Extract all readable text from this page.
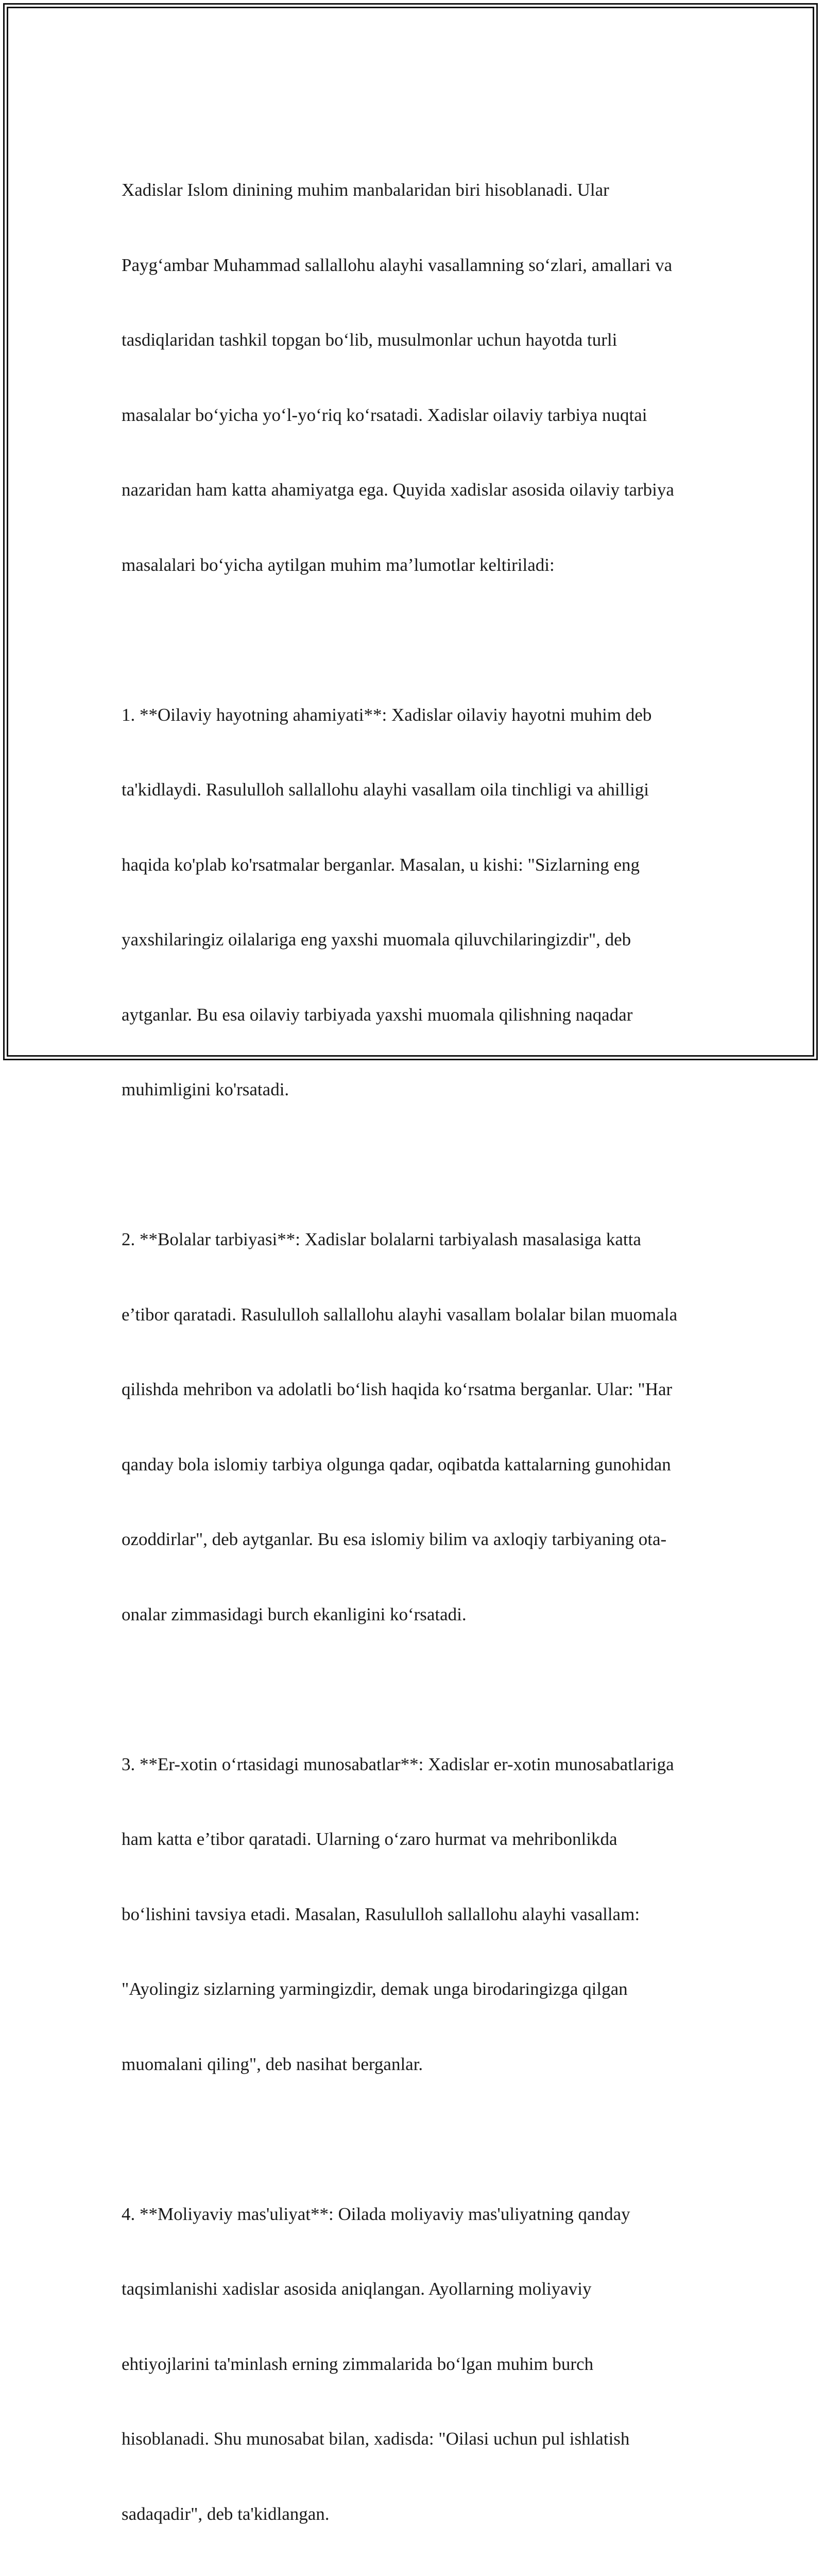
Xadislar Islom dinining muhim manbalaridan biri hisoblanadi. Ular

Payg‘ambar Muhammad sallallohu alayhi vasallamning so‘zlari, amallari va

tasdiqlaridan tashkil topgan bo‘lib, musulmonlar uchun hayotda turli

masalalar bo‘yicha yo‘l-yo‘riq ko‘rsatadi. Xadislar oilaviy tarbiya nuqtai

nazaridan ham katta ahamiyatga ega. Quyida xadislar asosida oilaviy tarbiya

masalalari bo‘yicha aytilgan muhim ma’lumotlar keltiriladi:

1. **Oilaviy hayotning ahamiyati**: Xadislar oilaviy hayotni muhim deb

ta'kidlaydi. Rasululloh sallallohu alayhi vasallam oila tinchligi va ahilligi

haqida ko'plab ko'rsatmalar berganlar. Masalan, u kishi: "Sizlarning eng

yaxshilaringiz oilalariga eng yaxshi muomala qiluvchilaringizdir", deb

aytganlar. Bu esa oilaviy tarbiyada yaxshi muomala qilishning naqadar

muhimligini ko'rsatadi.

2. **Bolalar tarbiyasi**: Xadislar bolalarni tarbiyalash masalasiga katta

e’tibor qaratadi. Rasululloh sallallohu alayhi vasallam bolalar bilan muomala

qilishda mehribon va adolatli bo‘lish haqida ko‘rsatma berganlar. Ular: "Har

qanday bola islomiy tarbiya olgunga qadar, oqibatda kattalarning gunohidan

ozoddirlar", deb aytganlar. Bu esa islomiy bilim va axloqiy tarbiyaning ota-

onalar zimmasidagi burch ekanligini ko‘rsatadi.

3. **Er-xotin o‘rtasidagi munosabatlar**: Xadislar er-xotin munosabatlariga

ham katta e’tibor qaratadi. Ularning o‘zaro hurmat va mehribonlikda

bo‘lishini tavsiya etadi. Masalan, Rasululloh sallallohu alayhi vasallam:

"Ayolingiz sizlarning yarmingizdir, demak unga birodaringizga qilgan

muomalani qiling", deb nasihat berganlar.

4. **Moliyaviy mas'uliyat**: Oilada moliyaviy mas'uliyatning qanday

taqsimlanishi xadislar asosida aniqlangan. Ayollarning moliyaviy

ehtiyojlarini ta'minlash erning zimmalarida bo‘lgan muhim burch

hisoblanadi. Shu munosabat bilan, xadisda: "Oilasi uchun pul ishlatish

sadaqadir", deb ta'kidlangan.
